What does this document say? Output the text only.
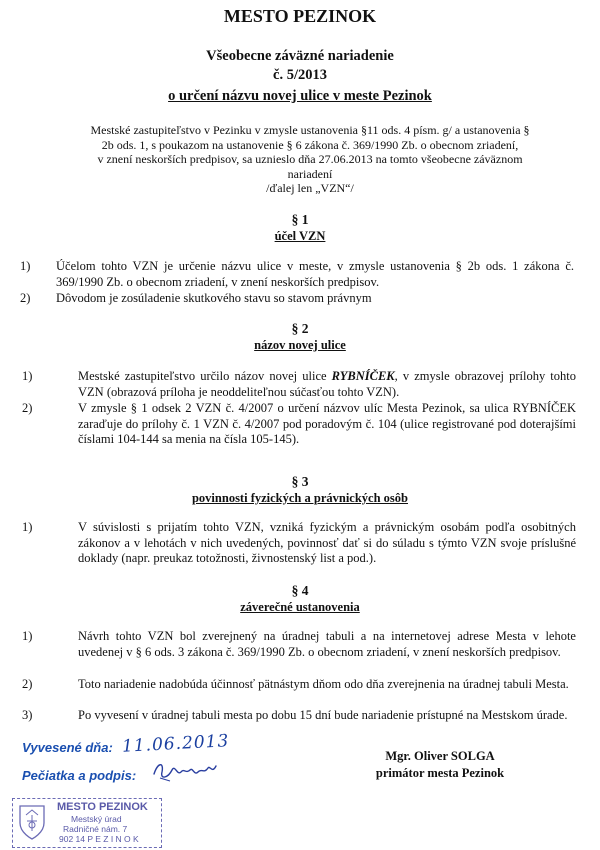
MESTO PEZINOK
Všeobecne záväzné nariadenie
č. 5/2013
o určení názvu novej ulice v meste Pezinok
Mestské zastupiteľstvo v Pezinku v zmysle ustanovenia §11 ods. 4 písm. g/ a ustanovenia §
2b ods. 1, s poukazom na ustanovenie § 6 zákona č. 369/1990 Zb. o obecnom zriadení,
v znení neskorších predpisov, sa uznieslo dňa 27.06.2013 na tomto všeobecne záväznom
nariadení
/ďalej len „VZN“/
§ 1
účel VZN
1) Účelom tohto VZN je určenie názvu ulice v meste, v zmysle ustanovenia § 2b ods. 1 zákona č. 369/1990 Zb. o obecnom zriadení, v znení neskorších predpisov.
2) Dôvodom je zosúladenie skutkového stavu so stavom právnym
§ 2
názov novej ulice
1)	Mestské zastupiteľstvo určilo názov novej ulice RYBNÍČEK, v zmysle obrazovej prílohy tohto VZN (obrazová príloha je neoddeliteľnou súčasťou tohto VZN).
2)	V zmysle § 1 odsek 2 VZN č. 4/2007 o určení názvov ulíc Mesta Pezinok, sa ulica RYBNÍČEK zaraďuje do prílohy č. 1 VZN č. 4/2007 pod poradovým č. 104 (ulice registrované pod doterajšími číslami 104-144 sa menia na čísla 105-145).
§ 3
povinnosti fyzických a právnických osôb
1)	V súvislosti s prijatím tohto VZN, vzniká fyzickým a právnickým osobám podľa osobitných zákonov a v lehotách v nich uvedených, povinnosť dať si do súladu s týmto VZN svoje príslušné doklady (napr. preukaz totožnosti, živnostenský list a pod.).
§ 4
záverečné ustanovenia
1)	Návrh tohto VZN bol zverejnený na úradnej tabuli a na internetovej adrese Mesta v lehote uvedenej v § 6 ods. 3 zákona č. 369/1990 Zb. o obecnom zriadení, v znení neskorších predpisov.
2)	Toto nariadenie nadobúda účinnosť pätnástym dňom odo dňa zverejnenia na úradnej tabuli Mesta.
3)	Po vyvesení v úradnej tabuli mesta po dobu 15 dní bude nariadenie prístupné na Mestskom úrade.
Vyvesené dňa: 11.06.2013
Pečiatka a podpis:
Mgr. Oliver SOLGA
primátor mesta Pezinok
MESTO PEZINOK
Mestský úrad
Radničné nám. 7
902 14 P E Z I N O K
